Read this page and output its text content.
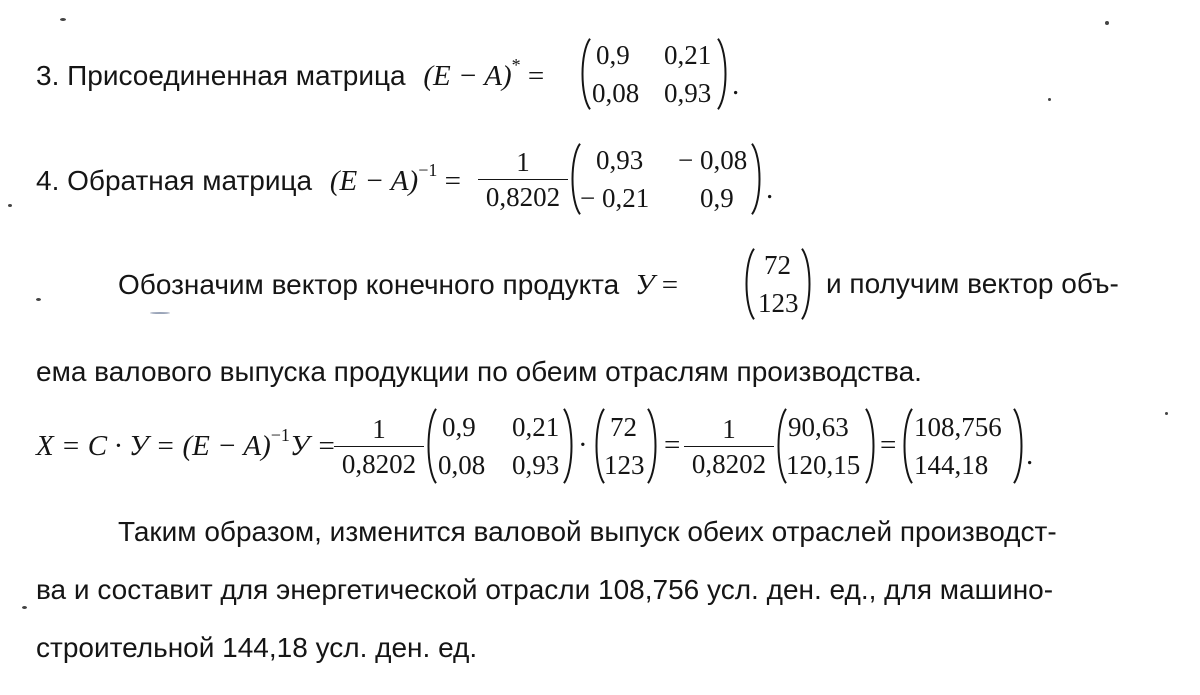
3. Присоединенная матрица (E − A)* =
0,9 0,21
0,08 0,93 .
4. Обратная матрица $(E - A)^{-1}$ =
1
0,8202
0,93 − 0,08
− 0,21 0,9 .
Обозначим вектор конечного продукта У =
72
123
и получим вектор объ-
ема валового выпуска продукции по обеим отраслям производства.
$X = C \cdot У = (E - A)^{-1}У$ =
1
0,8202
0,9 0,21
0,08 0,93
·
72
123
=	1
0,8202
90,63
120,15
=
108,756
144,18 .
Таким образом, изменится валовой выпуск обеих отраслей производст-
ва и составит для энергетической отрасли 108,756 усл. ден. ед., для машино-
строительной 144,18 усл. ден. ед.
